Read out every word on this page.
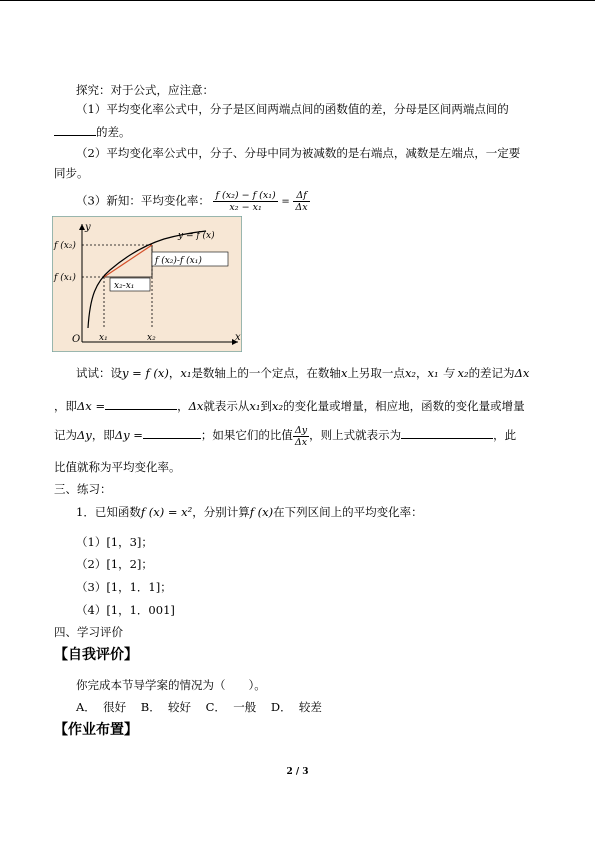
探究：对于公式，应注意：
（1）平均变化率公式中，分子是区间两端点间的函数值的差，分母是区间两端点间的
的差。
（2）平均变化率公式中，分子、分母中同为被减数的是右端点，减数是左端点，一定要
同步。
（3）新知：平均变化率： $\frac{\text{f (x₂) − f (x₁)}}{\text{x₂ − x₁}} = \frac{\Delta f}{\Delta x}$
y
x
O
y = f (x)
f (x₂)
f (x₁)
f (x₂)-f (x₁)
x₂-x₁
x₁	x₂
试试：设y = f (x)，x₁是数轴上的一个定点，在数轴x上另取一点x₂，x₁ 与 x₂的差记为Δx
，即Δx =	，Δx就表示从x₁到x₂的变化量或增量，相应地，函数的变化量或增量
记为Δy，即Δy =	；如果它们的比值 $\frac{\Delta y}{\Delta x}$ ，则上式就表示为	，此
比值就称为平均变化率。
三、练习：
1．已知函数f (x) = x²，分别计算f (x)在下列区间上的平均变化率：
（1）[1，3]；
（2）[1，2]；
（3）[1，1．1]；
（4）[1，1．001]
四、学习评价
【自我评价】
你完成本节导学案的情况为（　　）。
A．  很好    B．  较好    C．  一般    D．  较差
【作业布置】
2 / 3
